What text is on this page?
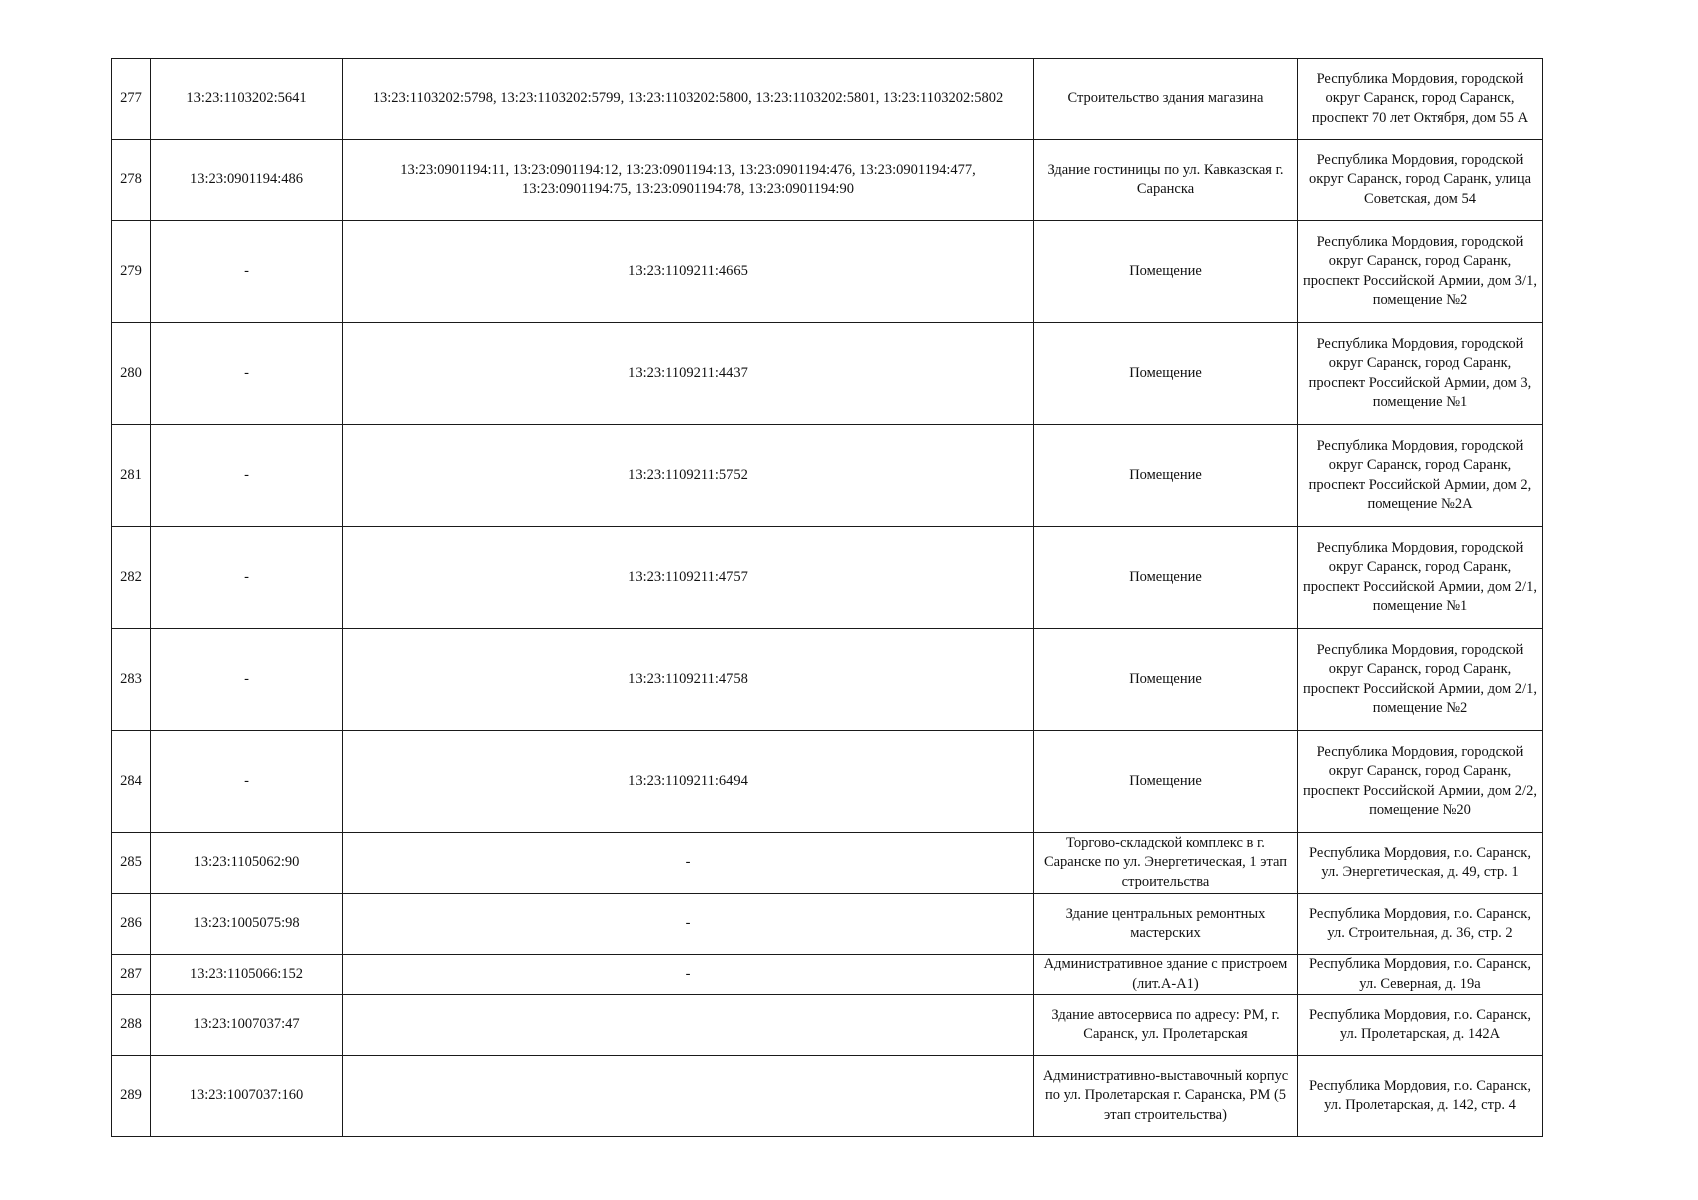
277	13:23:1103202:5641	13:23:1103202:5798, 13:23:1103202:5799, 13:23:1103202:5800, 13:23:1103202:5801, 13:23:1103202:5802	Строительство здания магазина	Республика Мордовия, городской округ Саранск, город Саранск, проспект 70 лет Октября, дом 55 А
278	13:23:0901194:486	13:23:0901194:11, 13:23:0901194:12, 13:23:0901194:13, 13:23:0901194:476, 13:23:0901194:477, 13:23:0901194:75, 13:23:0901194:78, 13:23:0901194:90	Здание гостиницы по ул. Кавказская г. Саранска	Республика Мордовия, городской округ Саранск, город Саранк, улица Советская, дом 54
279	-	13:23:1109211:4665	Помещение	Республика Мордовия, городской округ Саранск, город Саранк, проспект Российской Армии, дом 3/1, помещение №2
280	-	13:23:1109211:4437	Помещение	Республика Мордовия, городской округ Саранск, город Саранк, проспект Российской Армии, дом 3, помещение №1
281	-	13:23:1109211:5752	Помещение	Республика Мордовия, городской округ Саранск, город Саранк, проспект Российской Армии, дом 2, помещение №2А
282	-	13:23:1109211:4757	Помещение	Республика Мордовия, городской округ Саранск, город Саранк, проспект Российской Армии, дом 2/1, помещение №1
283	-	13:23:1109211:4758	Помещение	Республика Мордовия, городской округ Саранск, город Саранк, проспект Российской Армии, дом 2/1, помещение №2
284	-	13:23:1109211:6494	Помещение	Республика Мордовия, городской округ Саранск, город Саранк, проспект Российской Армии, дом 2/2, помещение №20
285	13:23:1105062:90	-	Торгово-складской комплекс в г. Саранске по ул. Энергетическая, 1 этап строительства	Республика Мордовия, г.о. Саранск, ул. Энергетическая, д. 49, стр. 1
286	13:23:1005075:98	-	Здание центральных ремонтных мастерских	Республика Мордовия, г.о. Саранск, ул. Строительная, д. 36, стр. 2
287	13:23:1105066:152	-	Административное здание с пристроем (лит.А-А1)	Республика Мордовия, г.о. Саранск, ул. Северная, д. 19а
288	13:23:1007037:47		Здание автосервиса по адресу: РМ, г. Саранск, ул. Пролетарская	Республика Мордовия, г.о. Саранск, ул. Пролетарская, д. 142А
289	13:23:1007037:160		Административно-выставочный корпус по ул. Пролетарская г. Саранска, РМ (5 этап строительства)	Республика Мордовия, г.о. Саранск, ул. Пролетарская, д. 142, стр. 4
